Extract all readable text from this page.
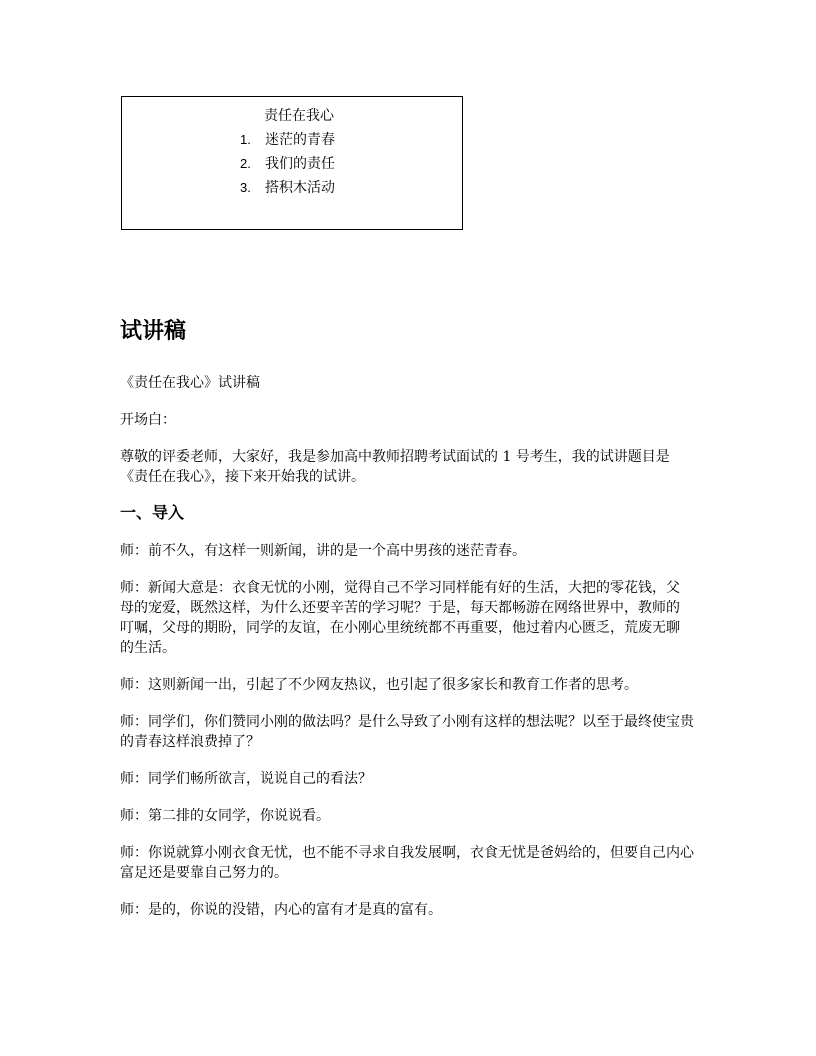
责任在我心
1. 迷茫的青春
2. 我们的责任
3. 搭积木活动
试讲稿

《责任在我心》试讲稿

开场白：

尊敬的评委老师，大家好，我是参加高中教师招聘考试面试的 1 号考生，我的试讲题目是《责任在我心》，接下来开始我的试讲。

一、导入

师：前不久，有这样一则新闻，讲的是一个高中男孩的迷茫青春。

师：新闻大意是：衣食无忧的小刚，觉得自己不学习同样能有好的生活，大把的零花钱，父母的宠爱，既然这样，为什么还要辛苦的学习呢？于是，每天都畅游在网络世界中，教师的叮嘱，父母的期盼，同学的友谊，在小刚心里统统都不再重要，他过着内心匮乏，荒废无聊的生活。

师：这则新闻一出，引起了不少网友热议，也引起了很多家长和教育工作者的思考。

师：同学们，你们赞同小刚的做法吗？是什么导致了小刚有这样的想法呢？以至于最终使宝贵的青春这样浪费掉了？

师：同学们畅所欲言，说说自己的看法？

师：第二排的女同学，你说说看。

师：你说就算小刚衣食无忧，也不能不寻求自我发展啊，衣食无忧是爸妈给的，但要自己内心富足还是要靠自己努力的。

师：是的，你说的没错，内心的富有才是真的富有。
